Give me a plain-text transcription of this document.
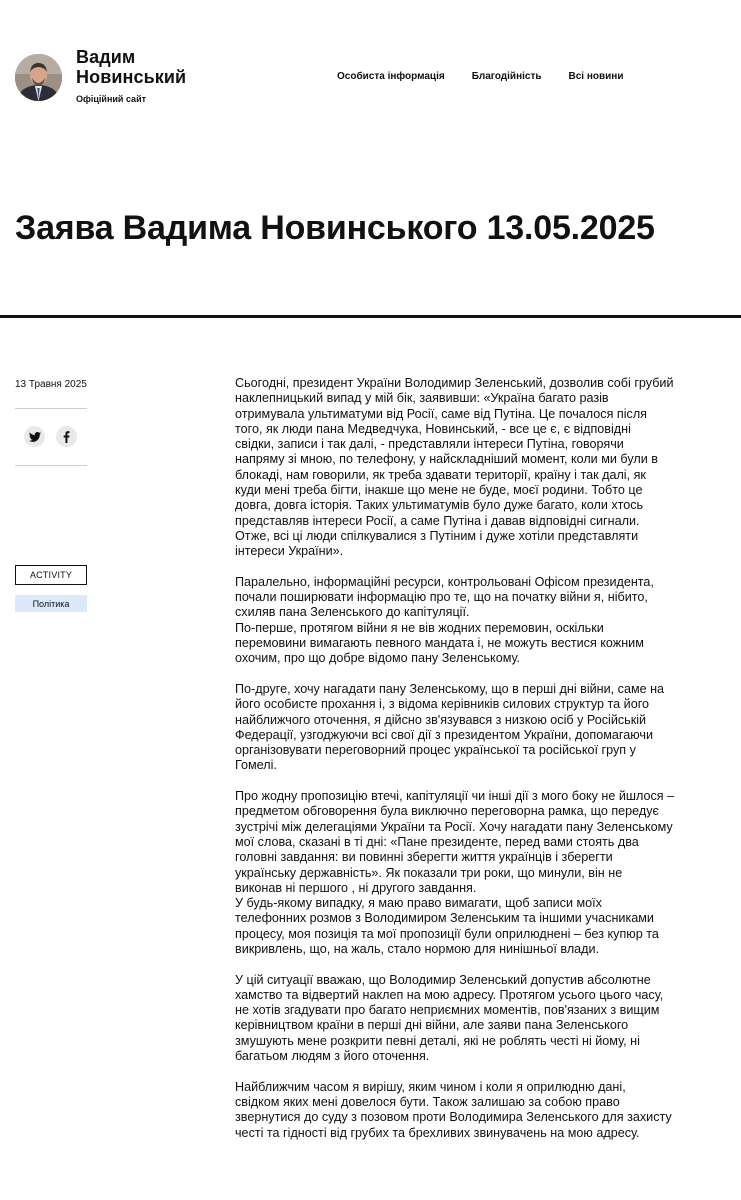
Вадим
Новинський
Офіційний сайт
Особиста інформація	Благодійність	Всі новини
Заява Вадима Новинського 13.05.2025
13 Травня 2025
ACTIVITY
Політика

Сьогодні, президент України Володимир Зеленський, дозволив собі грубий
наклепницький випад у мій бік, заявивши: «Україна багато разів
отримувала ультиматуми від Росії, саме від Путіна. Це почалося після
того, як люди пана Медведчука, Новинський, - все це є, є відповідні
свідки, записи і так далі, - представляли інтереси Путіна, говорячи
напряму зі мною, по телефону, у найскладніший момент, коли ми були в
блокаді, нам говорили, як треба здавати території, країну і так далі, як
куди мені треба бігти, інакше що мене не буде, моєї родини. Тобто це
довга, довга історія. Таких ультиматумів було дуже багато, коли хтось
представляв інтереси Росії, а саме Путіна і давав відповідні сигнали.
Отже, всі ці люди спілкувалися з Путіним і дуже хотіли представляти
інтереси України».

Паралельно, інформаційні ресурси, контрольовані Офісом президента,
почали поширювати інформацію про те, що на початку війни я, нібито,
схиляв пана Зеленського до капітуляції.
По-перше, протягом війни я не вів жодних перемовин, оскільки
перемовини вимагають певного мандата і, не можуть вестися кожним
охочим, про що добре відомо пану Зеленському.

По-друге, хочу нагадати пану Зеленському, що в перші дні війни, саме на
його особисте прохання і, з відома керівників силових структур та його
найближчого оточення, я дійсно зв'язувався з низкою осіб у Російській
Федерації, узгоджуючи всі свої дії з президентом України, допомагаючи
організовувати переговорний процес української та російської груп у
Гомелі.

Про жодну пропозицію втечі, капітуляції чи інші дії з мого боку не йшлося –
предметом обговорення була виключно переговорна рамка, що передує
зустрічі між делегаціями України та Росії. Хочу нагадати пану Зеленському
мої слова, сказані в ті дні: «Пане президенте, перед вами стоять два
головні завдання: ви повинні зберегти життя українців і зберегти
українську державність». Як показали три роки, що минули, він не
виконав ні першого , ні другого завдання.
У будь-якому випадку, я маю право вимагати, щоб записи моїх
телефонних розмов з Володимиром Зеленським та іншими учасниками
процесу, моя позиція та мої пропозиції були оприлюднені – без купюр та
викривлень, що, на жаль, стало нормою для нинішньої влади.

У цій ситуації вважаю, що Володимир Зеленський допустив абсолютне
хамство та відвертий наклеп на мою адресу. Протягом усього цього часу,
не хотів згадувати про багато неприємних моментів, пов'язаних з вищим
керівництвом країни в перші дні війни, але заяви пана Зеленського
змушують мене розкрити певні деталі, які не роблять честі ні йому, ні
багатьом людям з його оточення.

Найближчим часом я вирішу, яким чином і коли я оприлюдню дані,
свідком яких мені довелося бути. Також залишаю за собою право
звернутися до суду з позовом проти Володимира Зеленського для захисту
честі та гідності від грубих та брехливих звинувачень на мою адресу.
